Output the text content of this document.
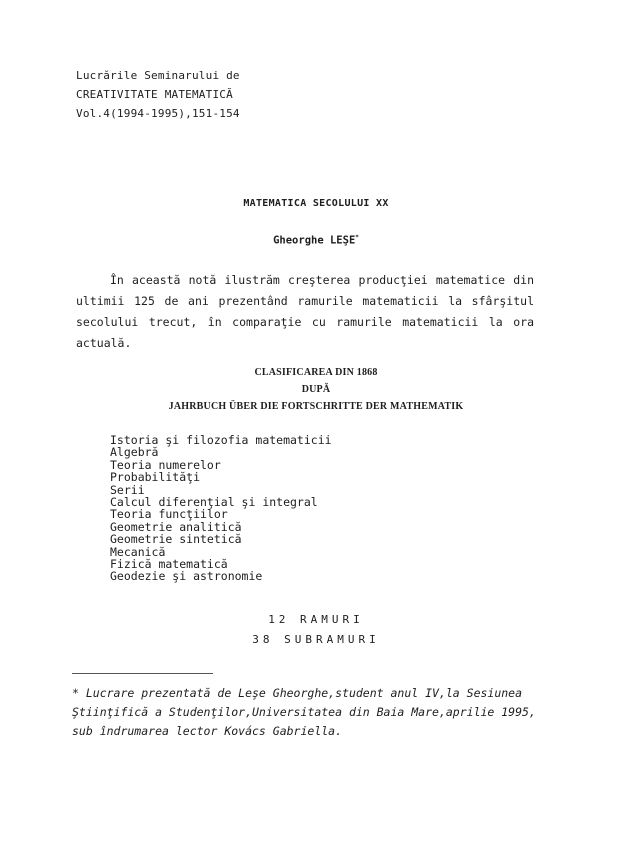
Lucrările Seminarului de
CREATIVITATE MATEMATICĂ
Vol.4(1994-1995),151-154
MATEMATICA SECOLULUI XX
Gheorghe LEŞE*

În această notă ilustrăm creşterea producţiei matematice din ultimii 125 de ani prezentând ramurile matematicii la sfârşitul secolului trecut, în comparaţie cu ramurile matematicii la ora actuală.

CLASIFICAREA DIN 1868
DUPĂ
JAHRBUCH ÜBER DIE FORTSCHRITTE DER MATHEMATIK
Istoria şi filozofia matematicii
Algebră
Teoria numerelor
Probabilităţi
Serii
Calcul diferenţial şi integral
Teoria funcţiilor
Geometrie analitică
Geometrie sintetică
Mecanică
Fizică matematică
Geodezie şi astronomie
12 RAMURI
38 SUBRAMURI
* Lucrare prezentată de Leşe Gheorghe,student anul IV,la Sesiunea
Ştiinţifică a Studenţilor,Universitatea din Baia Mare,aprilie 1995,
sub îndrumarea lector Kovács Gabriella.
